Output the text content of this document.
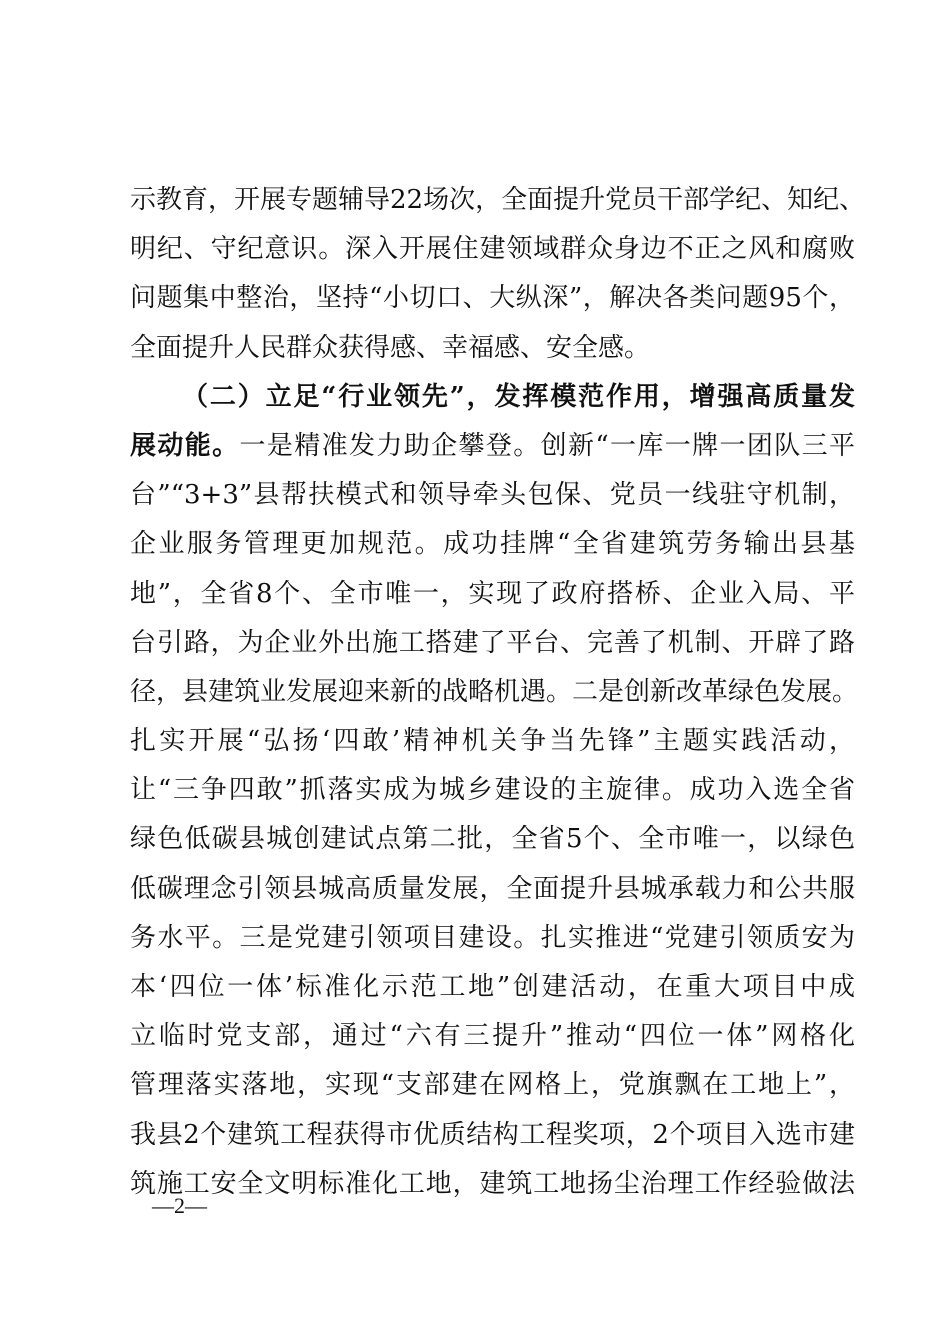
示教育，开展专题辅导22场次，全面提升党员干部学纪、知纪、
明纪、守纪意识。深入开展住建领域群众身边不正之风和腐败
问题集中整治，坚持“小切口、大纵深”，解决各类问题95个，
全面提升人民群众获得感、幸福感、安全感。
（二）立足“行业领先”，发挥模范作用，增强高质量发
展动能。一是精准发力助企攀登。创新“一库一牌一团队三平
台”“3+3”县帮扶模式和领导牵头包保、党员一线驻守机制，
企业服务管理更加规范。成功挂牌“全省建筑劳务输出县基
地”，全省8个、全市唯一，实现了政府搭桥、企业入局、平
台引路，为企业外出施工搭建了平台、完善了机制、开辟了路
径，县建筑业发展迎来新的战略机遇。二是创新改革绿色发展。
扎实开展“弘扬‘四敢’精神机关争当先锋”主题实践活动，
让“三争四敢”抓落实成为城乡建设的主旋律。成功入选全省
绿色低碳县城创建试点第二批，全省5个、全市唯一，以绿色
低碳理念引领县城高质量发展，全面提升县城承载力和公共服
务水平。三是党建引领项目建设。扎实推进“党建引领质安为
本‘四位一体’标准化示范工地”创建活动，在重大项目中成
立临时党支部，通过“六有三提升”推动“四位一体”网格化
管理落实落地，实现“支部建在网格上，党旗飘在工地上”，
我县2个建筑工程获得市优质结构工程奖项，2个项目入选市建
筑施工安全文明标准化工地，建筑工地扬尘治理工作经验做法
—2—
